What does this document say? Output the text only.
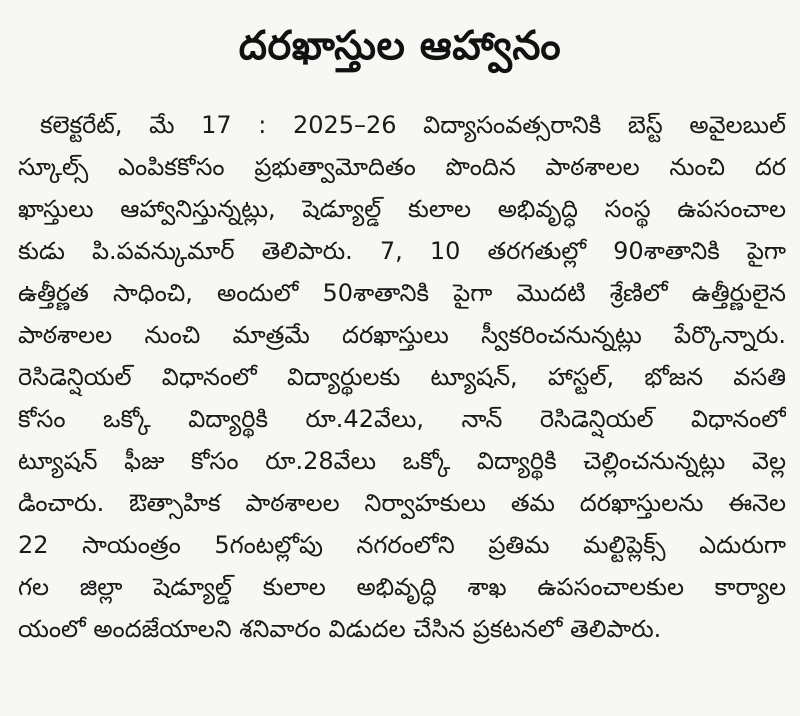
దరఖాస్తుల ఆహ్వానం
కలెక్టరేట్, మే 17 : 2025–26 విద్యాసంవత్సరానికి బెస్ట్ అవైలబుల్
స్కూల్స్ ఎంపికకోసం ప్రభుత్వామోదితం పొందిన పాఠశాలల నుంచి దర
ఖాస్తులు ఆహ్వానిస్తున్నట్లు, షెడ్యూల్డ్ కులాల అభివృద్ధి సంస్థ ఉపసంచాల
కుడు పి.పవన్కుమార్ తెలిపారు. 7, 10 తరగతుల్లో 90శాతానికి పైగా
ఉత్తీర్ణత సాధించి, అందులో 50శాతానికి పైగా మొదటి శ్రేణిలో ఉత్తీర్ణులైన
పాఠశాలల నుంచి మాత్రమే దరఖాస్తులు స్వీకరించనున్నట్లు పేర్కొన్నారు.
రెసిడెన్షియల్ విధానంలో విద్యార్థులకు ట్యూషన్, హాస్టల్, భోజన వసతి
కోసం ఒక్కో విద్యార్థికి రూ.42వేలు, నాన్ రెసిడెన్షియల్ విధానంలో
ట్యూషన్ ఫీజు కోసం రూ.28వేలు ఒక్కో విద్యార్థికి చెల్లించనున్నట్లు వెల్ల
డించారు. ఔత్సాహిక పాఠశాలల నిర్వాహకులు తమ దరఖాస్తులను ఈనెల
22 సాయంత్రం 5గంటల్లోపు నగరంలోని ప్రతిమ మల్టిప్లెక్స్ ఎదురుగా
గల జిల్లా షెడ్యూల్డ్ కులాల అభివృద్ధి శాఖ ఉపసంచాలకుల కార్యాల
యంలో అందజేయాలని శనివారం విడుదల చేసిన ప్రకటనలో తెలిపారు.
